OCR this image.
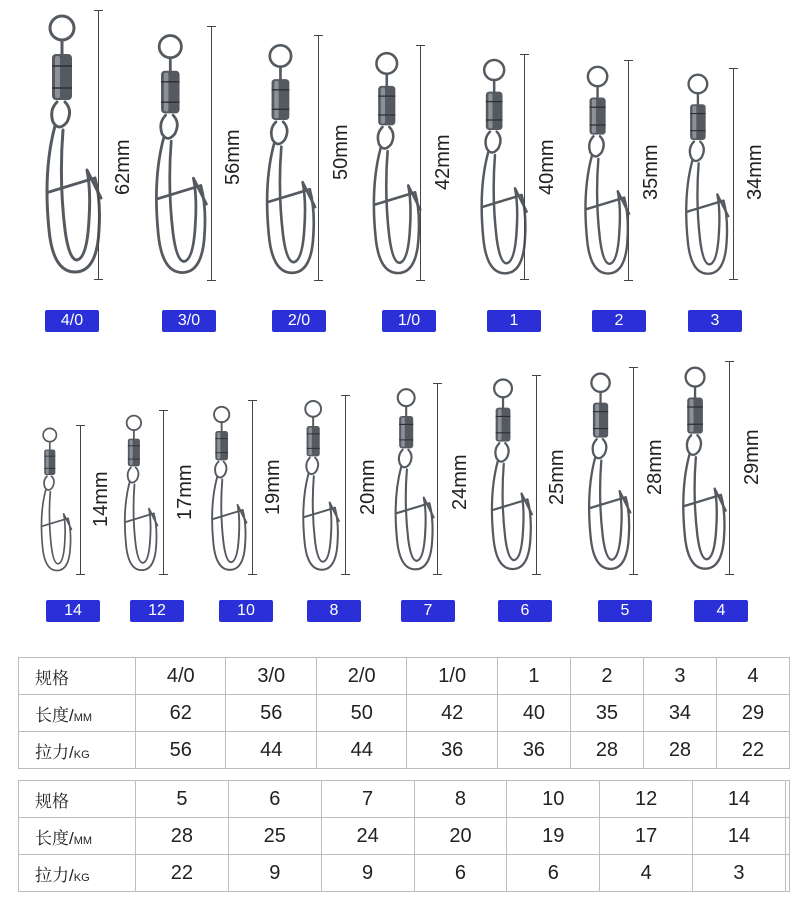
62mm
4/0
56mm
3/0
50mm
2/0
42mm
1/0
40mm
1
35mm
2
34mm
3
14mm
14
17mm
12
19mm
10
20mm
8
24mm
7
25mm
6
28mm
5
29mm
4
规格	4/0	3/0	2/0	1/0	1	2	3	4
长度/MM	62	56	50	42	40	35	34	29
拉力/KG	56	44	44	36	36	28	28	22
规格	5	6	7	8	10	12	14	
长度/MM	28	25	24	20	19	17	14	
拉力/KG	22	9	9	6	6	4	3	
